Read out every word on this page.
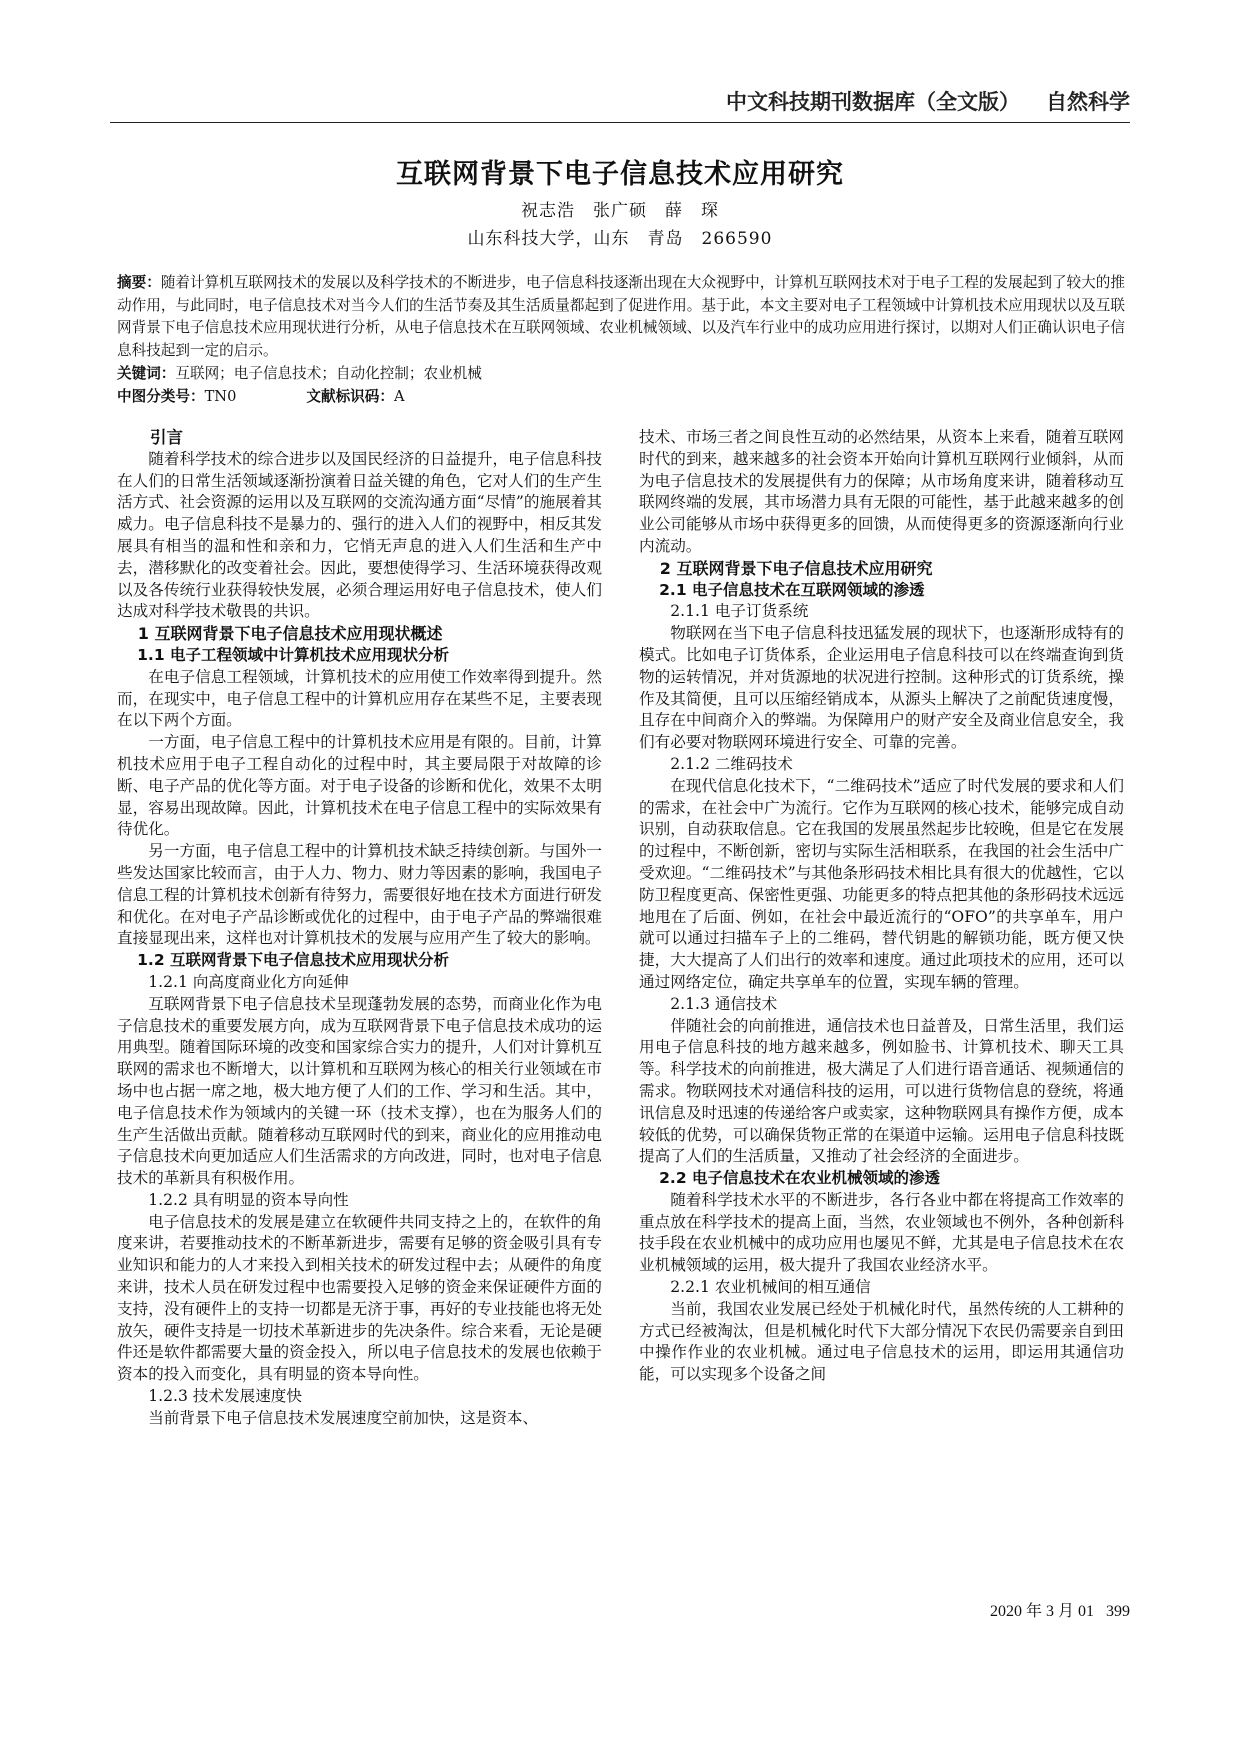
中文科技期刊数据库（全文版） 自然科学
互联网背景下电子信息技术应用研究
祝志浩　张广硕　薛　琛
山东科技大学，山东　青岛　266590
摘要：随着计算机互联网技术的发展以及科学技术的不断进步，电子信息科技逐渐出现在大众视野中，计算机互联网技术对于电子工程的发展起到了较大的推动作用，与此同时，电子信息技术对当今人们的生活节奏及其生活质量都起到了促进作用。基于此，本文主要对电子工程领域中计算机技术应用现状以及互联网背景下电子信息技术应用现状进行分析，从电子信息技术在互联网领域、农业机械领域、以及汽车行业中的成功应用进行探讨，以期对人们正确认识电子信息科技起到一定的启示。
关键词：互联网；电子信息技术；自动化控制；农业机械
中图分类号：TN0	文献标识码：A

引言

随着科学技术的综合进步以及国民经济的日益提升，电子信息科技在人们的日常生活领域逐渐扮演着日益关键的角色，它对人们的生产生活方式、社会资源的运用以及互联网的交流沟通方面“尽情”的施展着其威力。电子信息科技不是暴力的、强行的进入人们的视野中，相反其发展具有相当的温和性和亲和力，它悄无声息的进入人们生活和生产中去，潜移默化的改变着社会。因此，要想使得学习、生活环境获得改观以及各传统行业获得较快发展，必须合理运用好电子信息技术，使人们达成对科学技术敬畏的共识。

1 互联网背景下电子信息技术应用现状概述

1.1 电子工程领域中计算机技术应用现状分析

在电子信息工程领域，计算机技术的应用使工作效率得到提升。然而，在现实中，电子信息工程中的计算机应用存在某些不足，主要表现在以下两个方面。

一方面，电子信息工程中的计算机技术应用是有限的。目前，计算机技术应用于电子工程自动化的过程中时，其主要局限于对故障的诊断、电子产品的优化等方面。对于电子设备的诊断和优化，效果不太明显，容易出现故障。因此，计算机技术在电子信息工程中的实际效果有待优化。

另一方面，电子信息工程中的计算机技术缺乏持续创新。与国外一些发达国家比较而言，由于人力、物力、财力等因素的影响，我国电子信息工程的计算机技术创新有待努力，需要很好地在技术方面进行研发和优化。在对电子产品诊断或优化的过程中，由于电子产品的弊端很难直接显现出来，这样也对计算机技术的发展与应用产生了较大的影响。

1.2 互联网背景下电子信息技术应用现状分析

1.2.1 向高度商业化方向延伸

互联网背景下电子信息技术呈现蓬勃发展的态势，而商业化作为电子信息技术的重要发展方向，成为互联网背景下电子信息技术成功的运用典型。随着国际环境的改变和国家综合实力的提升，人们对计算机互联网的需求也不断增大，以计算机和互联网为核心的相关行业领域在市场中也占据一席之地，极大地方便了人们的工作、学习和生活。其中，电子信息技术作为领域内的关键一环（技术支撑），也在为服务人们的生产生活做出贡献。随着移动互联网时代的到来，商业化的应用推动电子信息技术向更加适应人们生活需求的方向改进，同时，也对电子信息技术的革新具有积极作用。

1.2.2 具有明显的资本导向性

电子信息技术的发展是建立在软硬件共同支持之上的，在软件的角度来讲，若要推动技术的不断革新进步，需要有足够的资金吸引具有专业知识和能力的人才来投入到相关技术的研发过程中去；从硬件的角度来讲，技术人员在研发过程中也需要投入足够的资金来保证硬件方面的支持，没有硬件上的支持一切都是无济于事，再好的专业技能也将无处放矢，硬件支持是一切技术革新进步的先决条件。综合来看，无论是硬件还是软件都需要大量的资金投入，所以电子信息技术的发展也依赖于资本的投入而变化，具有明显的资本导向性。

1.2.3 技术发展速度快

当前背景下电子信息技术发展速度空前加快，这是资本、

技术、市场三者之间良性互动的必然结果，从资本上来看，随着互联网时代的到来，越来越多的社会资本开始向计算机互联网行业倾斜，从而为电子信息技术的发展提供有力的保障；从市场角度来讲，随着移动互联网终端的发展，其市场潜力具有无限的可能性，基于此越来越多的创业公司能够从市场中获得更多的回馈，从而使得更多的资源逐渐向行业内流动。

2 互联网背景下电子信息技术应用研究

2.1 电子信息技术在互联网领域的渗透

2.1.1 电子订货系统

物联网在当下电子信息科技迅猛发展的现状下，也逐渐形成特有的模式。比如电子订货体系，企业运用电子信息科技可以在终端查询到货物的运转情况，并对货源地的状况进行控制。这种形式的订货系统，操作及其简便，且可以压缩经销成本，从源头上解决了之前配货速度慢，且存在中间商介入的弊端。为保障用户的财产安全及商业信息安全，我们有必要对物联网环境进行安全、可靠的完善。

2.1.2 二维码技术

在现代信息化技术下，“二维码技术”适应了时代发展的要求和人们的需求，在社会中广为流行。它作为互联网的核心技术，能够完成自动识别，自动获取信息。它在我国的发展虽然起步比较晚，但是它在发展的过程中，不断创新，密切与实际生活相联系，在我国的社会生活中广受欢迎。“二维码技术”与其他条形码技术相比具有很大的优越性，它以防卫程度更高、保密性更强、功能更多的特点把其他的条形码技术远远地甩在了后面、例如，在社会中最近流行的“OFO”的共享单车，用户就可以通过扫描车子上的二维码，替代钥匙的解锁功能，既方便又快捷，大大提高了人们出行的效率和速度。通过此项技术的应用，还可以通过网络定位，确定共享单车的位置，实现车辆的管理。

2.1.3 通信技术

伴随社会的向前推进，通信技术也日益普及，日常生活里，我们运用电子信息科技的地方越来越多，例如脸书、计算机技术、聊天工具等。科学技术的向前推进，极大满足了人们进行语音通话、视频通信的需求。物联网技术对通信科技的运用，可以进行货物信息的登统，将通讯信息及时迅速的传递给客户或卖家，这种物联网具有操作方便，成本较低的优势，可以确保货物正常的在渠道中运输。运用电子信息科技既提高了人们的生活质量，又推动了社会经济的全面进步。

2.2 电子信息技术在农业机械领域的渗透

随着科学技术水平的不断进步，各行各业中都在将提高工作效率的重点放在科学技术的提高上面，当然，农业领域也不例外，各种创新科技手段在农业机械中的成功应用也屡见不鲜，尤其是电子信息技术在农业机械领域的运用，极大提升了我国农业经济水平。

2.2.1 农业机械间的相互通信

当前，我国农业发展已经处于机械化时代，虽然传统的人工耕种的方式已经被淘汰，但是机械化时代下大部分情况下农民仍需要亲自到田中操作作业的农业机械。通过电子信息技术的运用，即运用其通信功能，可以实现多个设备之间

2020 年 3 月 01 399
